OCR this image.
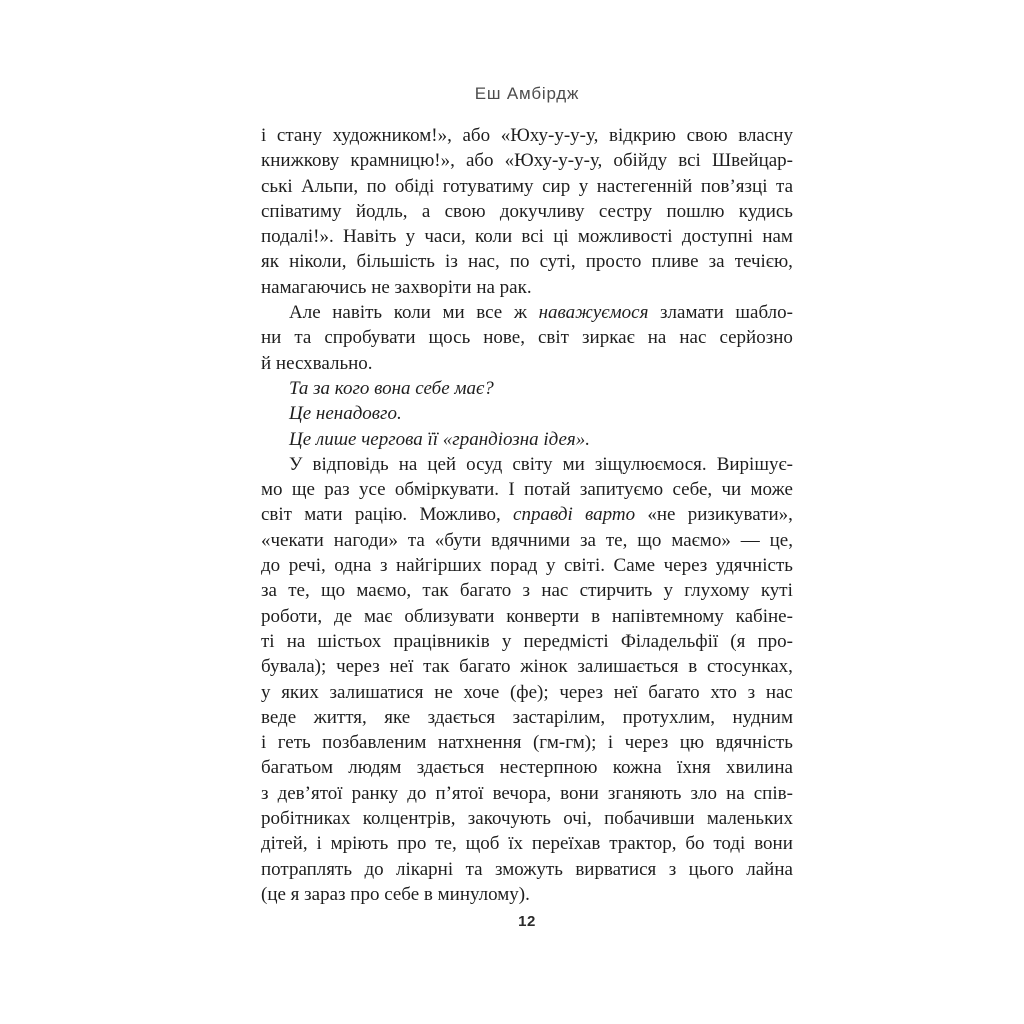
Еш Амбірдж
і стану художником!», або «Юху-у-у-у, відкрию свою власну
книжкову крамницю!», або «Юху-у-у-у, обійду всі Швейцар-
ські Альпи, по обіді готуватиму сир у настегенній пов’язці та
співатиму йодль, а свою докучливу сестру пошлю кудись
подалі!». Навіть у часи, коли всі ці можливості доступні нам
як ніколи, більшість із нас, по суті, просто пливе за течією,
намагаючись не захворіти на рак.
Але навіть коли ми все ж наважуємося зламати шабло-
ни та спробувати щось нове, світ зиркає на нас серйозно
й несхвально.
Та за кого вона себе має?
Це ненадовго.
Це лише чергова її «грандіозна ідея».
У відповідь на цей осуд світу ми зіщулюємося. Вирішує-
мо ще раз усе обміркувати. І потай запитуємо себе, чи може
світ мати рацію. Можливо, справді варто «не ризикувати»,
«чекати нагоди» та «бути вдячними за те, що маємо» — це,
до речі, одна з найгірших порад у світі. Саме через удячність
за те, що маємо, так багато з нас стирчить у глухому куті
роботи, де має облизувати конверти в напівтемному кабіне-
ті на шістьох працівників у передмісті Філадельфії (я про-
бувала); через неї так багато жінок залишається в стосунках,
у яких залишатися не хоче (фе); через неї багато хто з нас
веде життя, яке здається застарілим, протухлим, нудним
і геть позбавленим натхнення (гм-гм); і через цю вдячність
багатьом людям здається нестерпною кожна їхня хвилина
з дев’ятої ранку до п’ятої вечора, вони зганяють зло на спів-
робітниках колцентрів, закочують очі, побачивши маленьких
дітей, і мріють про те, щоб їх переїхав трактор, бо тоді вони
потраплять до лікарні та зможуть вирватися з цього лайна
(це я зараз про себе в минулому).
12
